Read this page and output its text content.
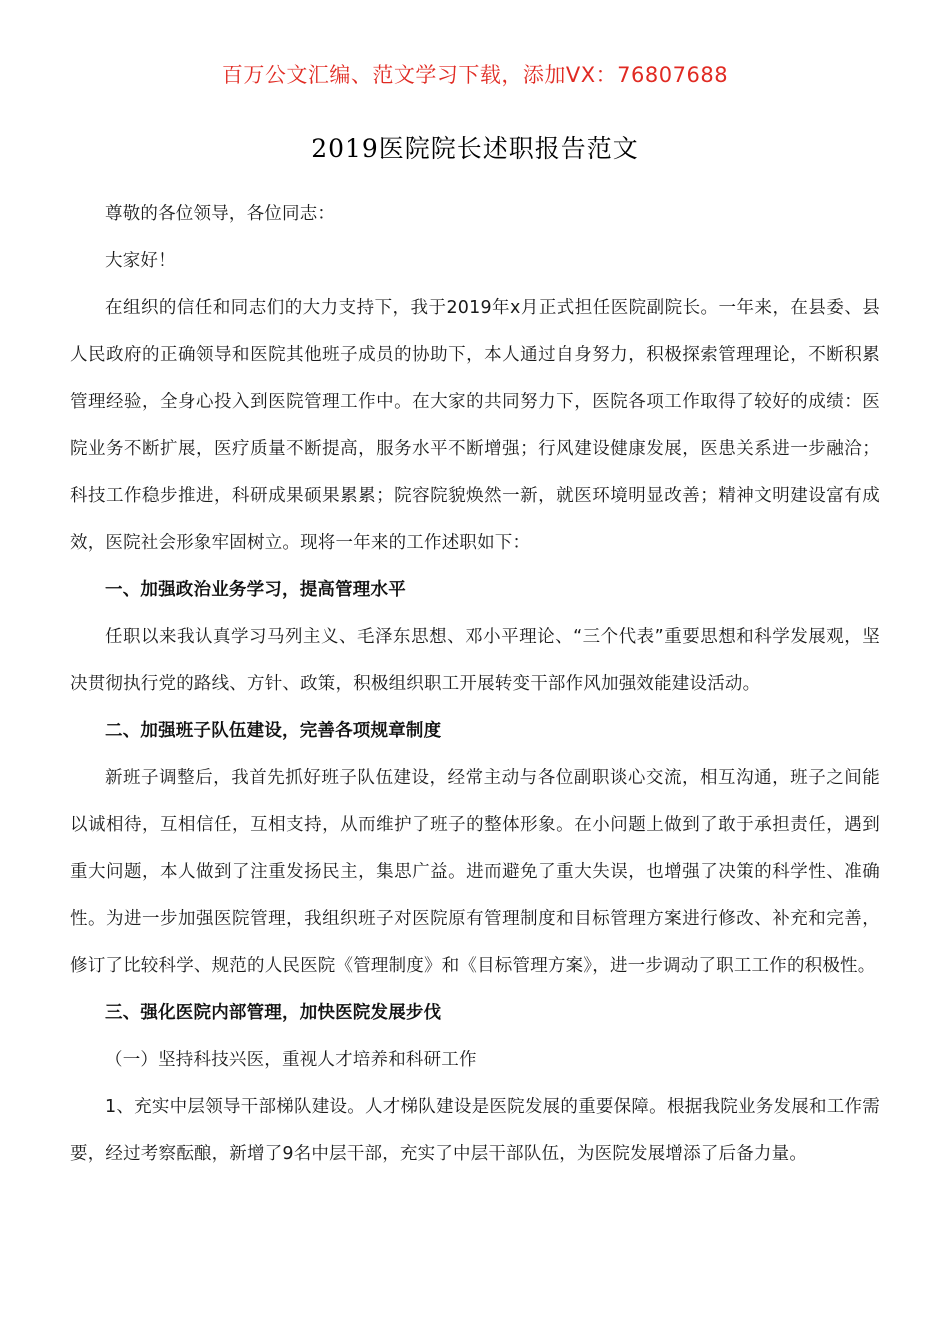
百万公文汇编、范文学习下载，添加VX：76807688
2019医院院长述职报告范文

尊敬的各位领导，各位同志：

大家好！

在组织的信任和同志们的大力支持下，我于2019年x月正式担任医院副院长。一年来，在县委、县人民政府的正确领导和医院其他班子成员的协助下，本人通过自身努力，积极探索管理理论，不断积累管理经验，全身心投入到医院管理工作中。在大家的共同努力下，医院各项工作取得了较好的成绩：医院业务不断扩展，医疗质量不断提高，服务水平不断增强；行风建设健康发展，医患关系进一步融洽；科技工作稳步推进，科研成果硕果累累；院容院貌焕然一新，就医环境明显改善；精神文明建设富有成效，医院社会形象牢固树立。现将一年来的工作述职如下：

一、加强政治业务学习，提高管理水平

任职以来我认真学习马列主义、毛泽东思想、邓小平理论、“三个代表”重要思想和科学发展观，坚决贯彻执行党的路线、方针、政策，积极组织职工开展转变干部作风加强效能建设活动。

二、加强班子队伍建设，完善各项规章制度

新班子调整后，我首先抓好班子队伍建设，经常主动与各位副职谈心交流，相互沟通，班子之间能以诚相待，互相信任，互相支持，从而维护了班子的整体形象。在小问题上做到了敢于承担责任，遇到重大问题，本人做到了注重发扬民主，集思广益。进而避免了重大失误，也增强了决策的科学性、准确性。为进一步加强医院管理，我组织班子对医院原有管理制度和目标管理方案进行修改、补充和完善，修订了比较科学、规范的人民医院《管理制度》和《目标管理方案》，进一步调动了职工工作的积极性。

三、强化医院内部管理，加快医院发展步伐

（一）坚持科技兴医，重视人才培养和科研工作

1、充实中层领导干部梯队建设。人才梯队建设是医院发展的重要保障。根据我院业务发展和工作需要，经过考察酝酿，新增了9名中层干部，充实了中层干部队伍，为医院发展增添了后备力量。
